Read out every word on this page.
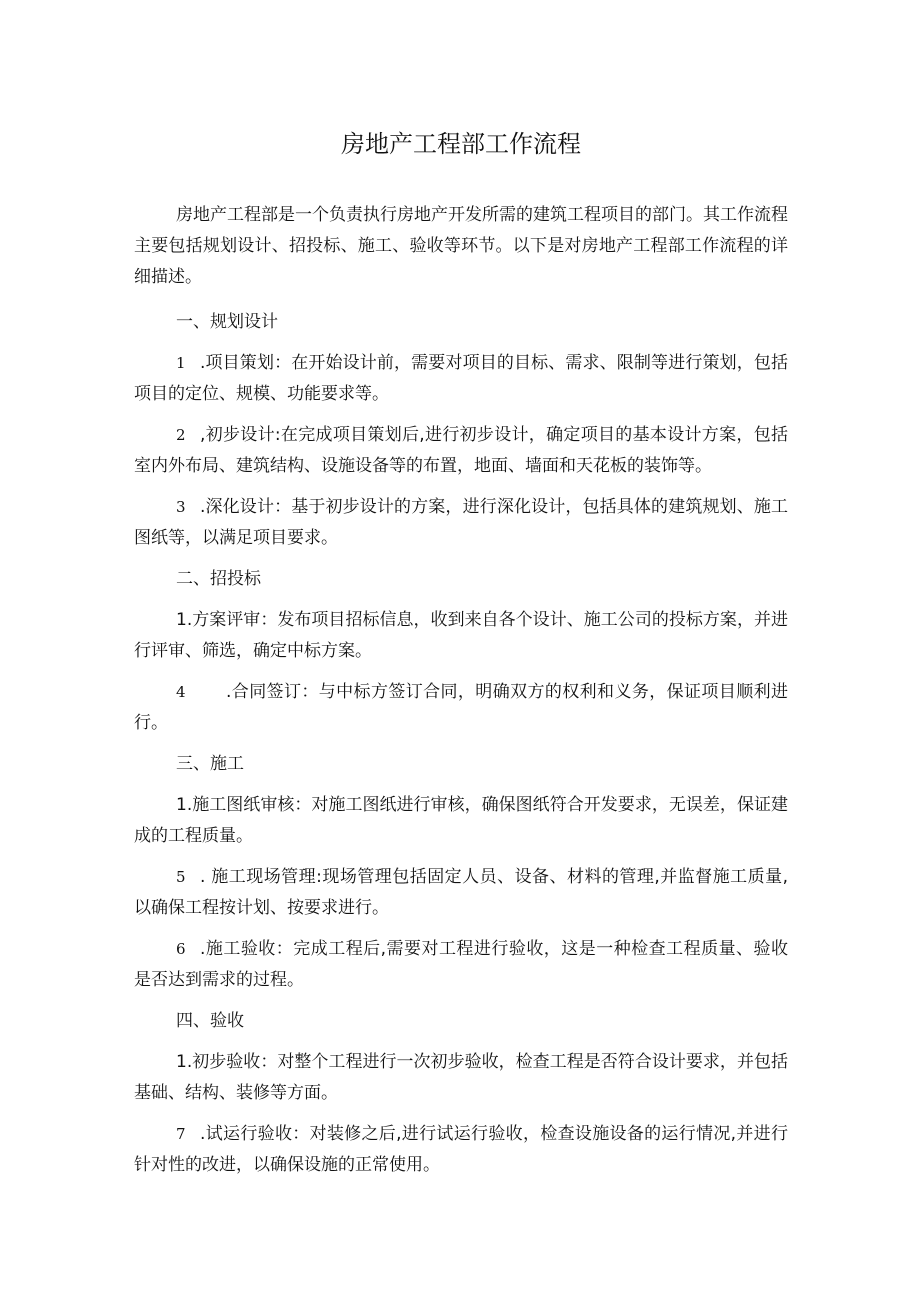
房地产工程部工作流程

房地产工程部是一个负责执行房地产开发所需的建筑工程项目的部门。其工作流程主要包括规划设计、招投标、施工、验收等环节。以下是对房地产工程部工作流程的详细描述。

一、规划设计

1 .项目策划：在开始设计前，需要对项目的目标、需求、限制等进行策划，包括项目的定位、规模、功能要求等。

2 ,初步设计:在完成项目策划后,进行初步设计，确定项目的基本设计方案，包括室内外布局、建筑结构、设施设备等的布置，地面、墙面和天花板的装饰等。

3 .深化设计：基于初步设计的方案，进行深化设计，包括具体的建筑规划、施工图纸等，以满足项目要求。

二、招投标

1.方案评审：发布项目招标信息，收到来自各个设计、施工公司的投标方案，并进行评审、筛选，确定中标方案。

4 .合同签订：与中标方签订合同，明确双方的权利和义务，保证项目顺利进行。

三、施工

1.施工图纸审核：对施工图纸进行审核，确保图纸符合开发要求，无误差，保证建成的工程质量。

5 . 施工现场管理:现场管理包括固定人员、设备、材料的管理,并监督施工质量,以确保工程按计划、按要求进行。

6 .施工验收：完成工程后,需要对工程进行验收，这是一种检查工程质量、验收是否达到需求的过程。

四、验收

1.初步验收：对整个工程进行一次初步验收，检查工程是否符合设计要求，并包括基础、结构、装修等方面。

7 .试运行验收：对装修之后,进行试运行验收，检查设施设备的运行情况,并进行针对性的改进，以确保设施的正常使用。
